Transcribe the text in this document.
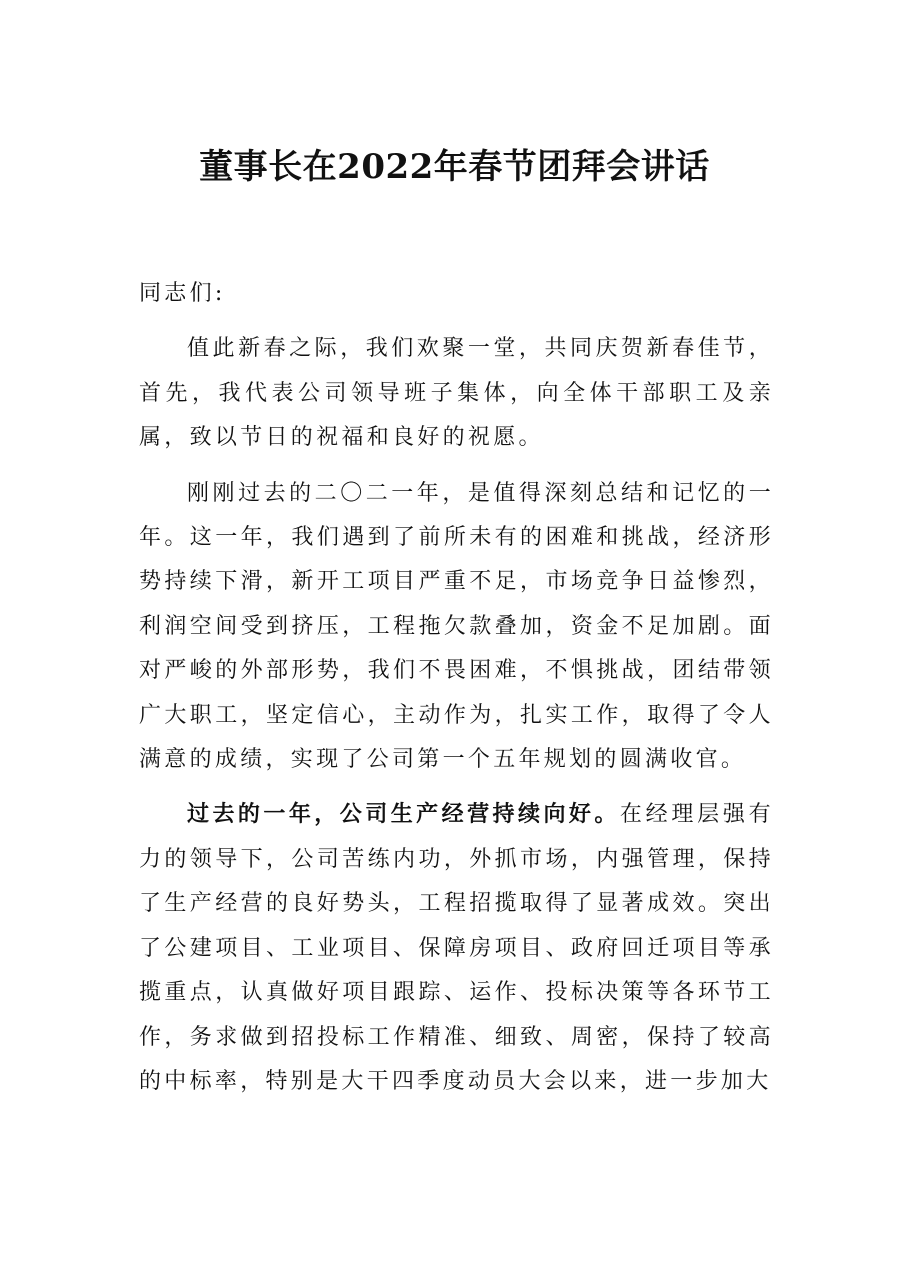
董事长在2022年春节团拜会讲话

同志们:

值此新春之际，我们欢聚一堂，共同庆贺新春佳节，首先，我代表公司领导班子集体，向全体干部职工及亲属，致以节日的祝福和良好的祝愿。

刚刚过去的二〇二一年，是值得深刻总结和记忆的一年。这一年，我们遇到了前所未有的困难和挑战，经济形势持续下滑，新开工项目严重不足，市场竞争日益惨烈，利润空间受到挤压，工程拖欠款叠加，资金不足加剧。面对严峻的外部形势，我们不畏困难，不惧挑战，团结带领广大职工，坚定信心，主动作为，扎实工作，取得了令人满意的成绩，实现了公司第一个五年规划的圆满收官。

过去的一年，公司生产经营持续向好。在经理层强有力的领导下，公司苦练内功，外抓市场，内强管理，保持了生产经营的良好势头，工程招揽取得了显著成效。突出了公建项目、工业项目、保障房项目、政府回迁项目等承揽重点，认真做好项目跟踪、运作、投标决策等各环节工作，务求做到招投标工作精准、细致、周密，保持了较高的中标率，特别是大干四季度动员大会以来，进一步加大
